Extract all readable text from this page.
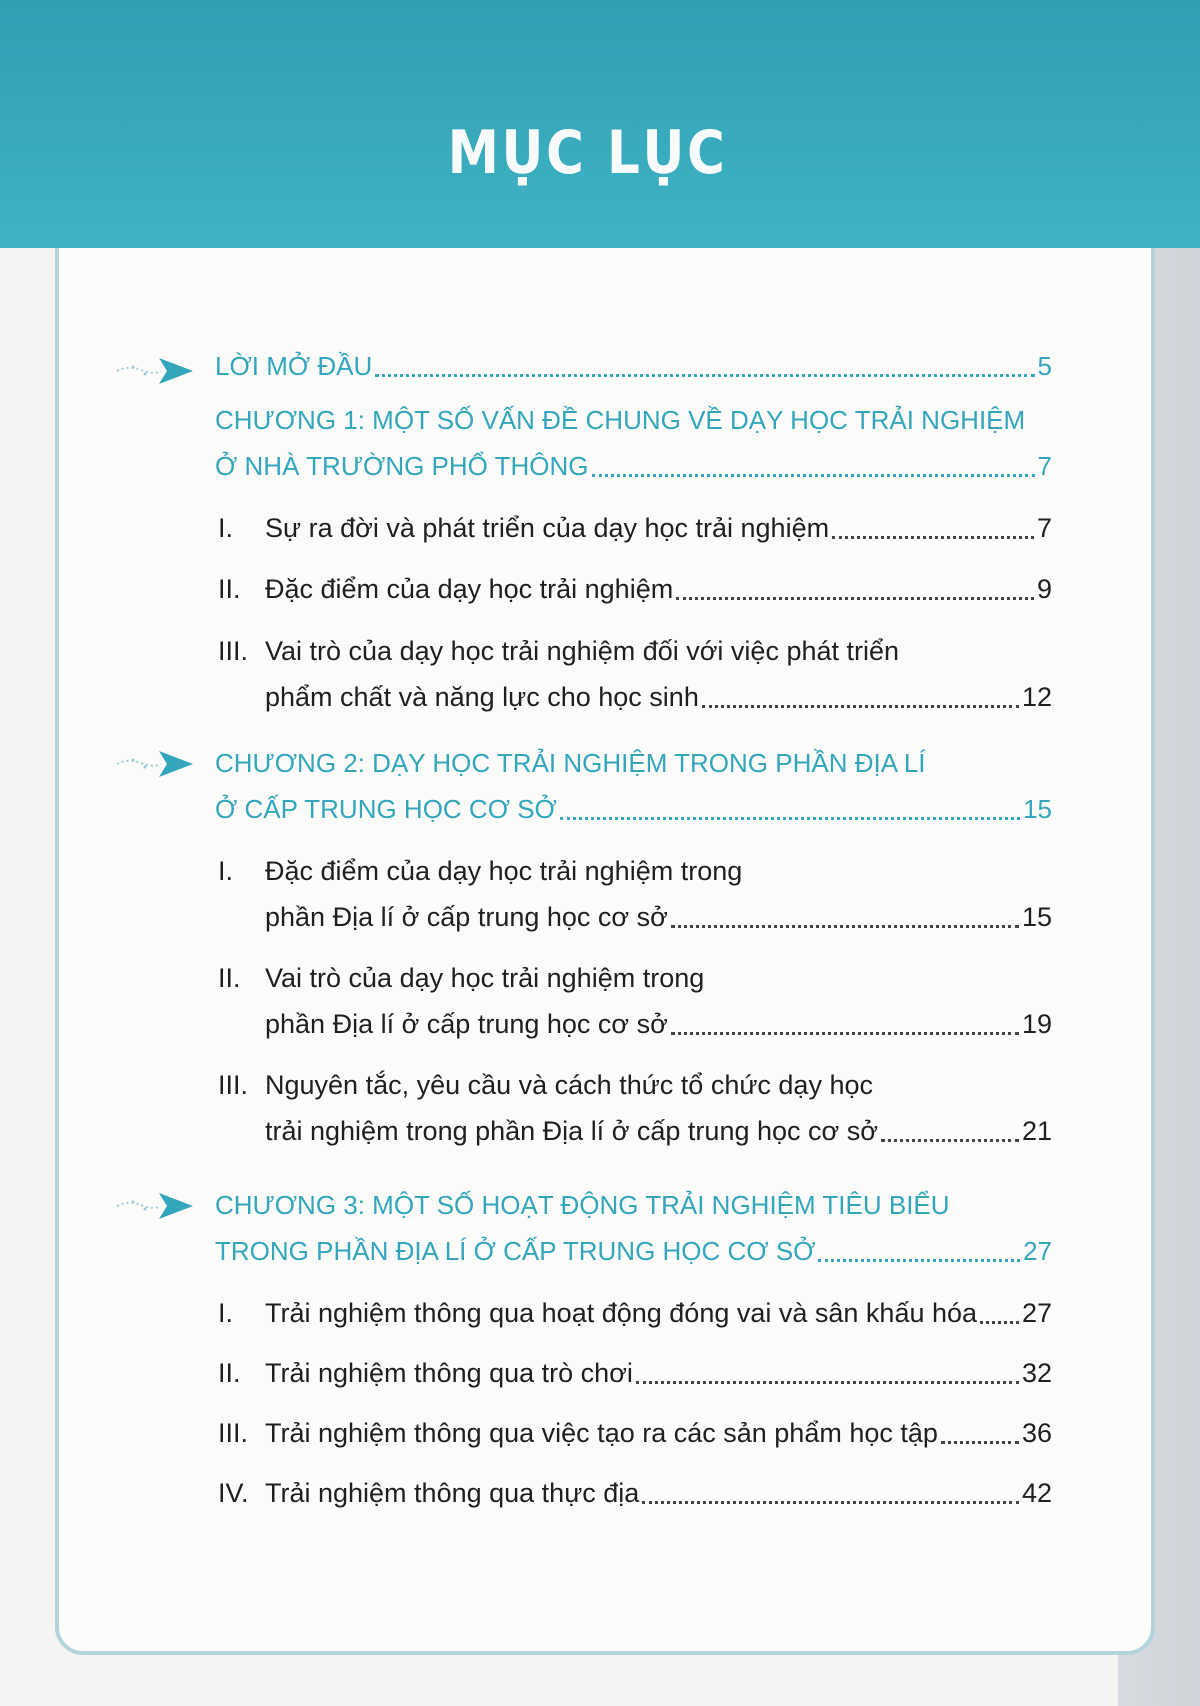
MỤC LỤC
LỜI MỞ ĐẦU	5
CHƯƠNG 1: MỘT SỐ VẤN ĐỀ CHUNG VỀ DẠY HỌC TRẢI NGHIỆM
Ở NHÀ TRƯỜNG PHỔ THÔNG	7
I. Sự ra đời và phát triển của dạy học trải nghiệm	7
II. Đặc điểm của dạy học trải nghiệm	9
III. Vai trò của dạy học trải nghiệm đối với việc phát triển
phẩm chất và năng lực cho học sinh	12
CHƯƠNG 2: DẠY HỌC TRẢI NGHIỆM TRONG PHẦN ĐỊA LÍ
Ở CẤP TRUNG HỌC CƠ SỞ	15
I. Đặc điểm của dạy học trải nghiệm trong
phần Địa lí ở cấp trung học cơ sở	15
II. Vai trò của dạy học trải nghiệm trong
phần Địa lí ở cấp trung học cơ sở	19
III. Nguyên tắc, yêu cầu và cách thức tổ chức dạy học
trải nghiệm trong phần Địa lí ở cấp trung học cơ sở	21
CHƯƠNG 3: MỘT SỐ HOẠT ĐỘNG TRẢI NGHIỆM TIÊU BIỂU
TRONG PHẦN ĐỊA LÍ Ở CẤP TRUNG HỌC CƠ SỞ	27
I. Trải nghiệm thông qua hoạt động đóng vai và sân khấu hóa 27
II. Trải nghiệm thông qua trò chơi	32
III. Trải nghiệm thông qua việc tạo ra các sản phẩm học tập	36
IV. Trải nghiệm thông qua thực địa	42
